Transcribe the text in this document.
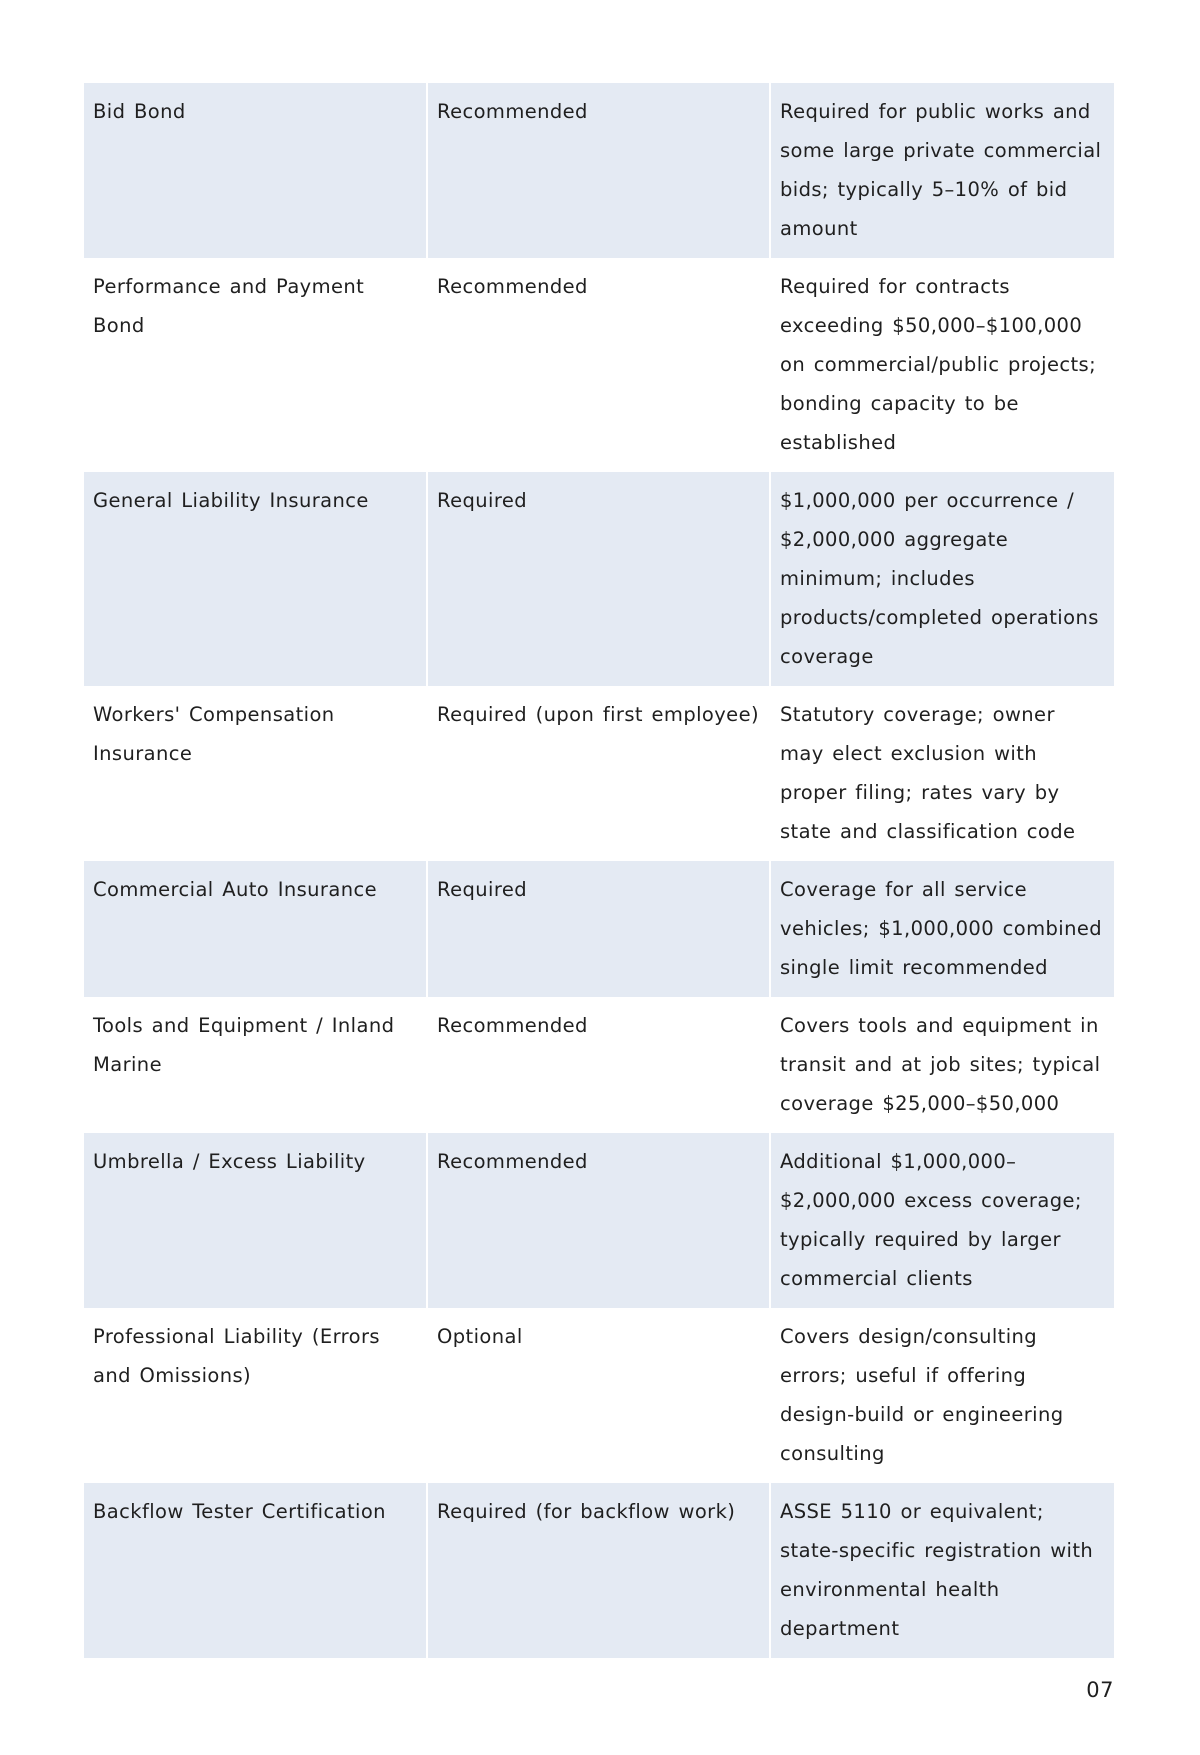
Bid Bond	Recommended	Required for public works and some large private commercial bids; typically 5–10% of bid amount
Performance and Payment Bond	Recommended	Required for contracts exceeding $50,000–$100,000 on commercial/public projects; bonding capacity to be established
General Liability Insurance	Required	$1,000,000 per occurrence / $2,000,000 aggregate minimum; includes products/completed operations coverage
Workers' Compensation Insurance	Required (upon first employee)	Statutory coverage; owner may elect exclusion with proper filing; rates vary by state and classification code
Commercial Auto Insurance	Required	Coverage for all service vehicles; $1,000,000 combined single limit recommended
Tools and Equipment / Inland Marine	Recommended	Covers tools and equipment in transit and at job sites; typical coverage $25,000–$50,000
Umbrella / Excess Liability	Recommended	Additional $1,000,000–$2,000,000 excess coverage; typically required by larger commercial clients
Professional Liability (Errors and Omissions)	Optional	Covers design/consulting errors; useful if offering design-build or engineering consulting
Backflow Tester Certification	Required (for backflow work)	ASSE 5110 or equivalent; state-specific registration with environmental health department
07
